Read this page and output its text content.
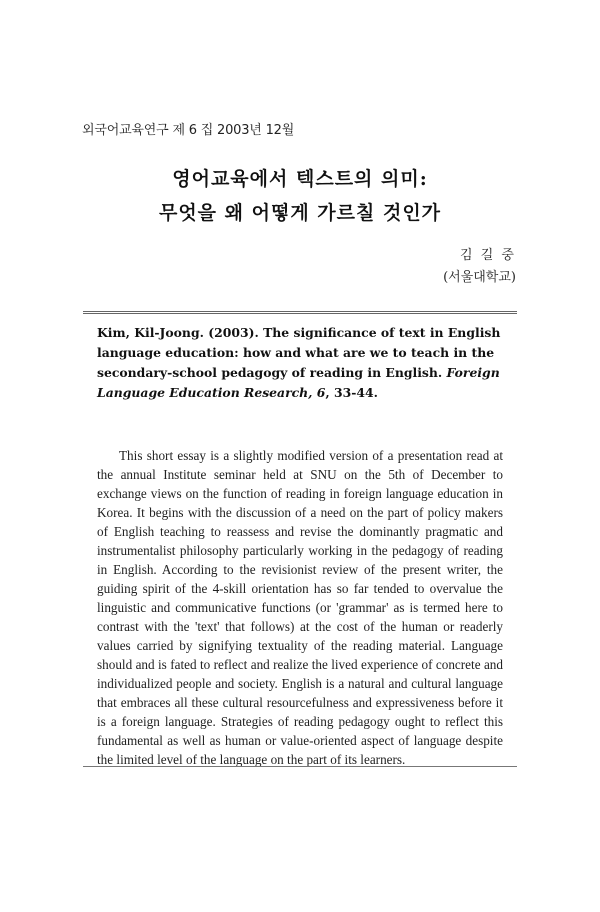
외국어교육연구 제 6 집 2003년 12월
영어교육에서 텍스트의 의미:
무엇을 왜 어떻게 가르칠 것인가
김 길 중
(서울대학교)
Kim, Kil-Joong. (2003). The significance of text in English language education: how and what are we to teach in the secondary-school pedagogy of reading in English. Foreign Language Education Research, 6, 33-44.
This short essay is a slightly modified version of a presentation read at the annual Institute seminar held at SNU on the 5th of December to exchange views on the function of reading in foreign language education in Korea. It begins with the discussion of a need on the part of policy makers of English teaching to reassess and revise the dominantly pragmatic and instrumentalist philosophy particularly working in the pedagogy of reading in English. According to the revisionist review of the present writer, the guiding spirit of the 4-skill orientation has so far tended to overvalue the linguistic and communicative functions (or 'grammar' as is termed here to contrast with the 'text' that follows) at the cost of the human or readerly values carried by signifying textuality of the reading material. Language should and is fated to reflect and realize the lived experience of concrete and individualized people and society. English is a natural and cultural language that embraces all these cultural resourcefulness and expressiveness before it is a foreign language. Strategies of reading pedagogy ought to reflect this fundamental as well as human or value-oriented aspect of language despite the limited level of the language on the part of its learners.
